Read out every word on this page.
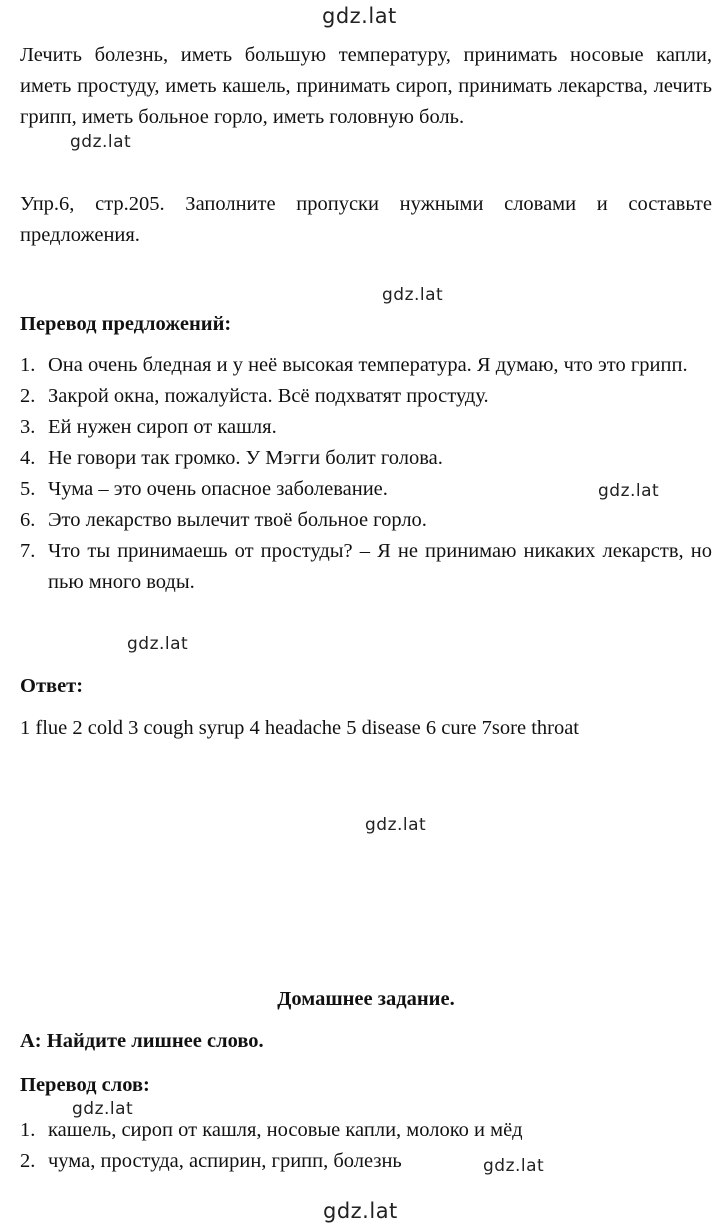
gdz.lat
gdz.lat
gdz.lat
gdz.lat
gdz.lat
gdz.lat
gdz.lat
gdz.lat
gdz.lat
Лечить болезнь, иметь большую температуру, принимать носовые капли, иметь простуду, иметь кашель, принимать сироп, принимать лекарства, лечить грипп, иметь больное горло, иметь головную боль.
Упр.6, стр.205. Заполните пропуски нужными словами и составьте предложения.
Перевод предложений:
1. Она очень бледная и у неё высокая температура. Я думаю, что это грипп.
2. Закрой окна, пожалуйста. Всё подхватят простуду.
3. Ей нужен сироп от кашля.
4. Не говори так громко. У Мэгги болит голова.
5. Чума – это очень опасное заболевание.
6. Это лекарство вылечит твоё больное горло.
7. Что ты принимаешь от простуды? – Я не принимаю никаких лекарств, но пью много воды.
Ответ:
1 flue 2 cold 3 cough syrup 4 headache 5 disease 6 cure 7sore throat
Домашнее задание.
А: Найдите лишнее слово.
Перевод слов:
1. кашель, сироп от кашля, носовые капли, молоко и мёд
2. чума, простуда, аспирин, грипп, болезнь
